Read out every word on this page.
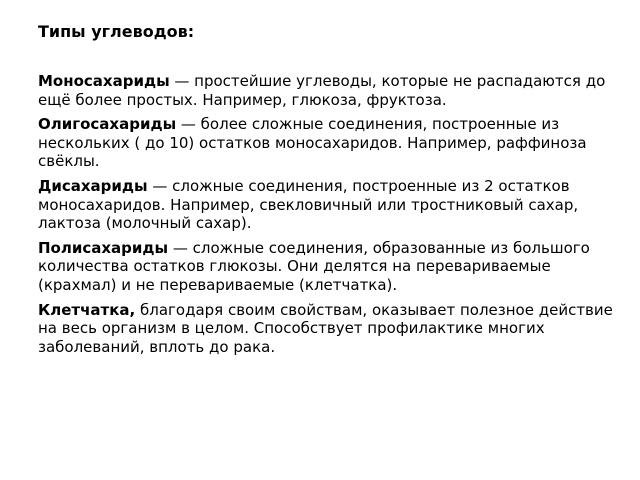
Типы углеводов:

Моносахариды — простейшие углеводы, которые не распадаются до ещё более простых. Например, глюкоза, фруктоза.

Олигосахариды — более сложные соединения, построенные из нескольких ( до 10) остатков моносахаридов. Например, раффиноза свёклы.

Дисахариды — сложные соединения, построенные из 2 остатков моносахаридов. Например, свекловичный или тростниковый сахар, лактоза (молочный сахар).

Полисахариды — сложные соединения, образованные из большого количества остатков глюкозы. Они делятся на перевариваемые (крахмал) и не перевариваемые (клетчатка).

Клетчатка, благодаря своим свойствам, оказывает полезное действие на весь организм в целом. Способствует профилактике многих заболеваний, вплоть до рака.
